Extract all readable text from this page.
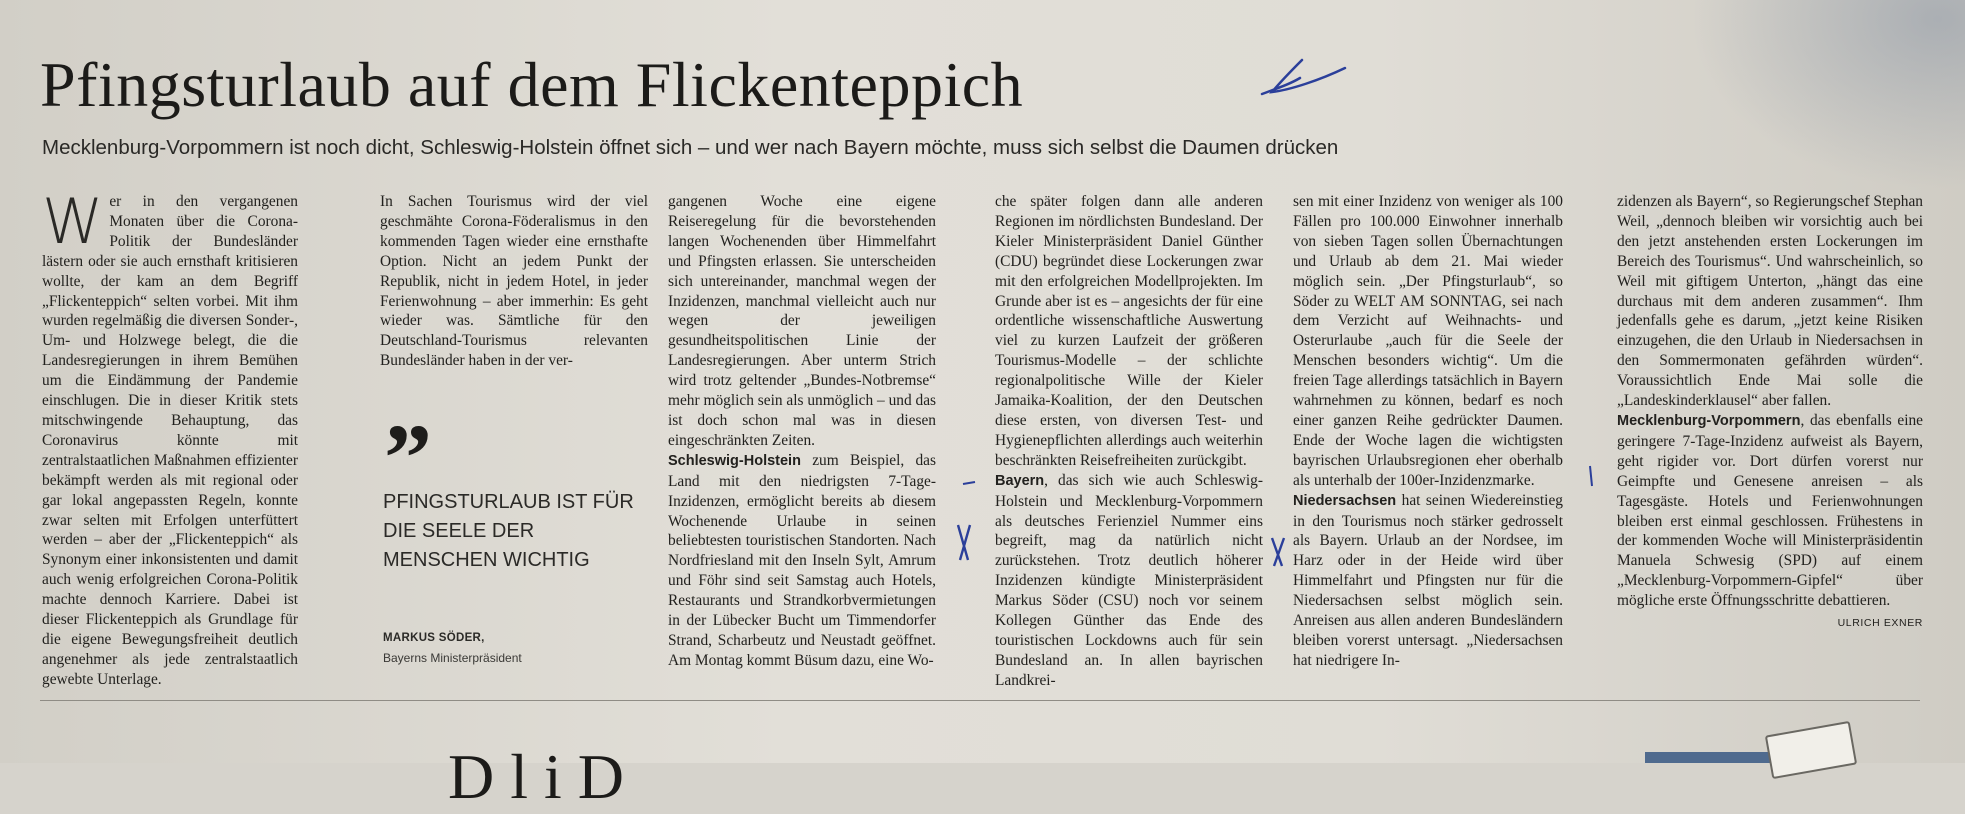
Pfingsturlaub auf dem Flickenteppich

Mecklenburg-Vorpommern ist noch dicht, Schleswig-Holstein öffnet sich – und wer nach Bayern möchte, muss sich selbst die Daumen drücken

W er in den vergangenen Monaten über die Corona-Politik der Bundesländer lästern oder sie auch ernsthaft kritisieren wollte, der kam an dem Begriff „Flickenteppich“ selten vorbei. Mit ihm wurden regelmäßig die diversen Sonder-, Um- und Holzwege belegt, die die Landesregierungen in ihrem Bemühen um die Eindämmung der Pandemie einschlugen. Die in dieser Kritik stets mitschwingende Behauptung, das Coronavirus könnte mit zentralstaatlichen Maßnahmen effizienter bekämpft werden als mit regional oder gar lokal angepassten Regeln, konnte zwar selten mit Erfolgen unterfüttert werden – aber der „Flickenteppich“ als Synonym einer inkonsistenten und damit auch wenig erfolgreichen Corona-Politik machte dennoch Karriere. Dabei ist dieser Flickenteppich als Grundlage für die eigene Bewegungsfreiheit deutlich angenehmer als jede zentralstaatlich gewebte Unterlage.

In Sachen Tourismus wird der viel geschmähte Corona-Föderalismus in den kommenden Tagen wieder eine ernsthafte Option. Nicht an jedem Punkt der Republik, nicht in jedem Hotel, in jeder Ferienwohnung – aber immerhin: Es geht wieder was. Sämtliche für den Deutschland-Tourismus relevanten Bundesländer haben in der ver-

”

PFINGSTURLAUB IST FÜR DIE SEELE DER MENSCHEN WICHTIG

MARKUS SÖDER,
Bayerns Ministerpräsident

gangenen Woche eine eigene Reiseregelung für die bevorstehenden langen Wochenenden über Himmelfahrt und Pfingsten erlassen. Sie unterscheiden sich untereinander, manchmal wegen der Inzidenzen, manchmal vielleicht auch nur wegen der jeweiligen gesundheitspolitischen Linie der Landesregierungen. Aber unterm Strich wird trotz geltender „Bundes-Notbremse“ mehr möglich sein als unmöglich – und das ist doch schon mal was in diesen eingeschränkten Zeiten.

Schleswig-Holstein zum Beispiel, das Land mit den niedrigsten 7-Tage-Inzidenzen, ermöglicht bereits ab diesem Wochenende Urlaube in seinen beliebtesten touristischen Standorten. Nach Nordfriesland mit den Inseln Sylt, Amrum und Föhr sind seit Samstag auch Hotels, Restaurants und Strandkorbvermietungen in der Lübecker Bucht um Timmendorfer Strand, Scharbeutz und Neustadt geöffnet. Am Montag kommt Büsum dazu, eine Wo-

che später folgen dann alle anderen Regionen im nördlichsten Bundesland. Der Kieler Ministerpräsident Daniel Günther (CDU) begründet diese Lockerungen zwar mit den erfolgreichen Modellprojekten. Im Grunde aber ist es – angesichts der für eine ordentliche wissenschaftliche Auswertung viel zu kurzen Laufzeit der größeren Tourismus-Modelle – der schlichte regionalpolitische Wille der Kieler Jamaika-Koalition, der den Deutschen diese ersten, von diversen Test- und Hygienepflichten allerdings auch weiterhin beschränkten Reisefreiheiten zurückgibt.

Bayern, das sich wie auch Schleswig-Holstein und Mecklenburg-Vorpommern als deutsches Ferienziel Nummer eins begreift, mag da natürlich nicht zurückstehen. Trotz deutlich höherer Inzidenzen kündigte Ministerpräsident Markus Söder (CSU) noch vor seinem Kollegen Günther das Ende des touristischen Lockdowns auch für sein Bundesland an. In allen bayrischen Landkrei-

sen mit einer Inzidenz von weniger als 100 Fällen pro 100.000 Einwohner innerhalb von sieben Tagen sollen Übernachtungen und Urlaub ab dem 21. Mai wieder möglich sein. „Der Pfingsturlaub“, so Söder zu WELT AM SONNTAG, sei nach dem Verzicht auf Weihnachts- und Osterurlaube „auch für die Seele der Menschen besonders wichtig“. Um die freien Tage allerdings tatsächlich in Bayern wahrnehmen zu können, bedarf es noch einer ganzen Reihe gedrückter Daumen. Ende der Woche lagen die wichtigsten bayrischen Urlaubsregionen eher oberhalb als unterhalb der 100er-Inzidenzmarke.

Niedersachsen hat seinen Wiedereinstieg in den Tourismus noch stärker gedrosselt als Bayern. Urlaub an der Nordsee, im Harz oder in der Heide wird über Himmelfahrt und Pfingsten nur für die Niedersachsen selbst möglich sein. Anreisen aus allen anderen Bundesländern bleiben vorerst untersagt. „Niedersachsen hat niedrigere In-

zidenzen als Bayern“, so Regierungschef Stephan Weil, „dennoch bleiben wir vorsichtig auch bei den jetzt anstehenden ersten Lockerungen im Bereich des Tourismus“. Und wahrscheinlich, so Weil mit giftigem Unterton, „hängt das eine durchaus mit dem anderen zusammen“. Ihm jedenfalls gehe es darum, „jetzt keine Risiken einzugehen, die den Urlaub in Niedersachsen in den Sommermonaten gefährden würden“. Voraussichtlich Ende Mai solle die „Landeskinderklausel“ aber fallen.

Mecklenburg-Vorpommern, das ebenfalls eine geringere 7-Tage-Inzidenz aufweist als Bayern, geht rigider vor. Dort dürfen vorerst nur Geimpfte und Genesene anreisen – als Tagesgäste. Hotels und Ferienwohnungen bleiben erst einmal geschlossen. Frühestens in der kommenden Woche will Ministerpräsidentin Manuela Schwesig (SPD) auf einem „Mecklenburg-Vorpommern-Gipfel“ über mögliche erste Öffnungsschritte debattieren.

ULRICH EXNER
D l i D
